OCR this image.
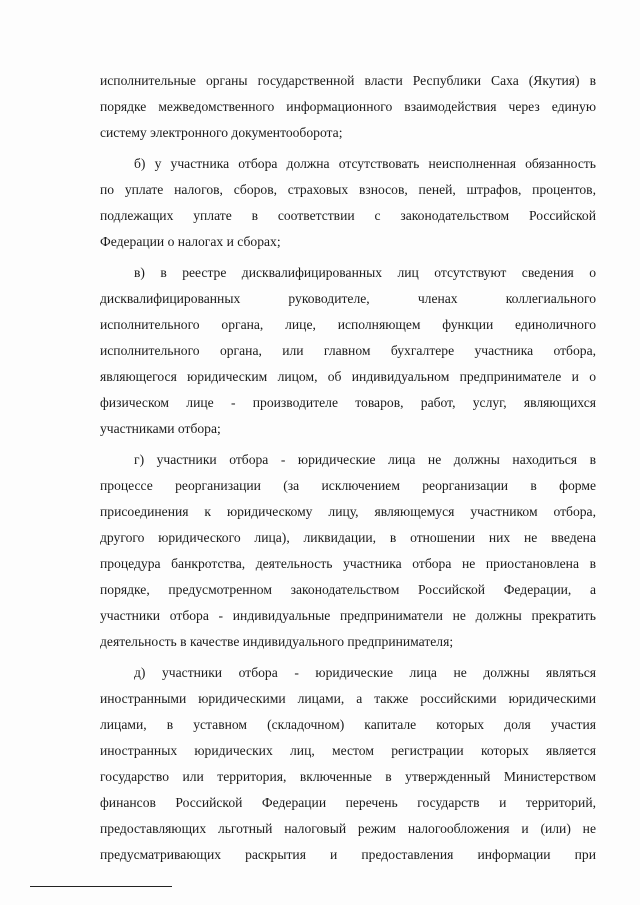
исполнительные органы государственной власти Республики Саха (Якутия) в
порядке межведомственного информационного взаимодействия через единую
систему электронного документооборота;
б) у участника отбора должна отсутствовать неисполненная обязанность
по уплате налогов, сборов, страховых взносов, пеней, штрафов, процентов,
подлежащих уплате в соответствии с законодательством Российской
Федерации о налогах и сборах;
в) в реестре дисквалифицированных лиц отсутствуют сведения о
дисквалифицированных руководителе, членах коллегиального
исполнительного органа, лице, исполняющем функции единоличного
исполнительного органа, или главном бухгалтере участника отбора,
являющегося юридическим лицом, об индивидуальном предпринимателе и о
физическом лице - производителе товаров, работ, услуг, являющихся
участниками отбора;
г) участники отбора - юридические лица не должны находиться в
процессе реорганизации (за исключением реорганизации в форме
присоединения к юридическому лицу, являющемуся участником отбора,
другого юридического лица), ликвидации, в отношении них не введена
процедура банкротства, деятельность участника отбора не приостановлена в
порядке, предусмотренном законодательством Российской Федерации, а
участники отбора - индивидуальные предприниматели не должны прекратить
деятельность в качестве индивидуального предпринимателя;
д) участники отбора - юридические лица не должны являться
иностранными юридическими лицами, а также российскими юридическими
лицами, в уставном (складочном) капитале которых доля участия
иностранных юридических лиц, местом регистрации которых является
государство или территория, включенные в утвержденный Министерством
финансов Российской Федерации перечень государств и территорий,
предоставляющих льготный налоговый режим налогообложения и (или) не
предусматривающих раскрытия и предоставления информации при
